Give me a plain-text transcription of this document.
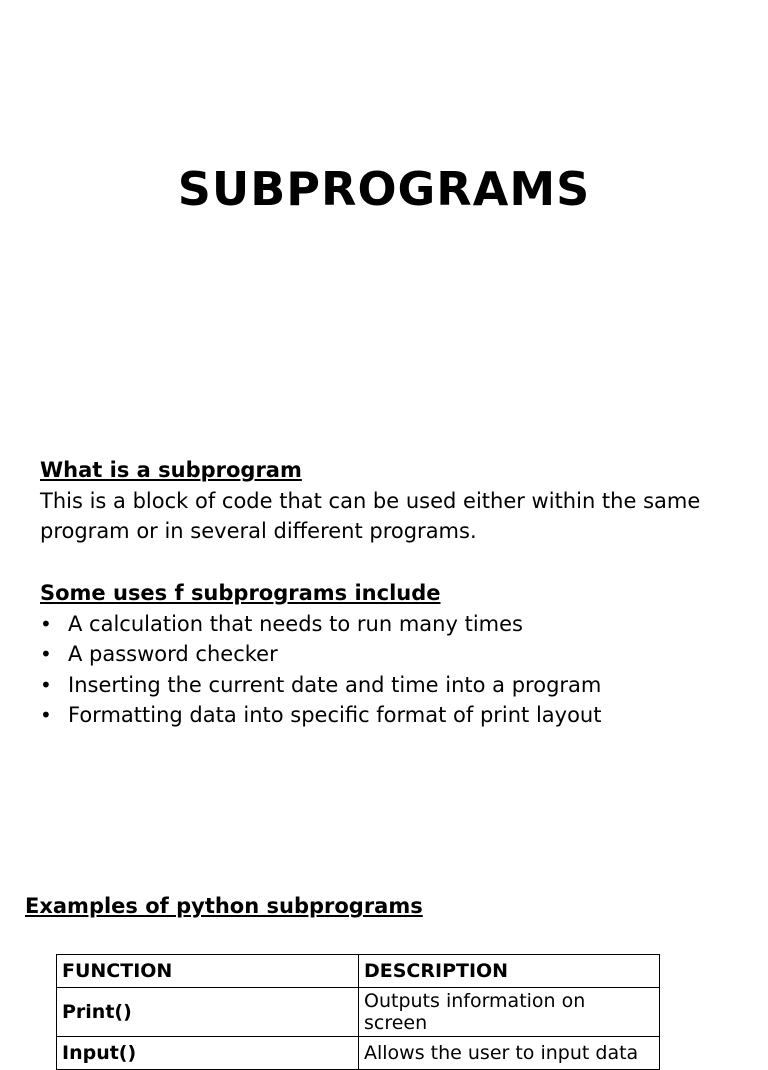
SUBPROGRAMS
What is a subprogram

This is a block of code that can be used either within the same

program or in several different programs.

Some uses f subprograms include
• A calculation that needs to run many times
• A password checker
• Inserting the current date and time into a program
• Formatting data into specific format of print layout
Examples of python subprograms
FUNCTION	DESCRIPTION
Print()	Outputs information on screen
Input()	Allows the user to input data
